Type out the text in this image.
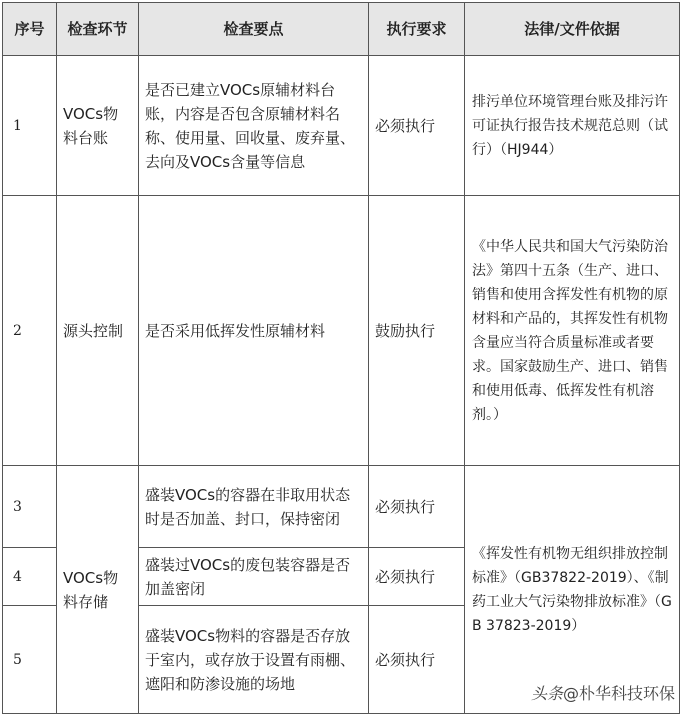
序号	检查环节	检查要点	执行要求	法律/文件依据
1	VOCs物料台账	是否已建立VOCs原辅材料台账，内容是否包含原辅材料名称、使用量、回收量、废弃量、去向及VOCs含量等信息	必须执行	排污单位环境管理台账及排污许可证执行报告技术规范总则（试行）（HJ944）
2	源头控制	是否采用低挥发性原辅材料	鼓励执行	《中华人民共和国大气污染防治法》第四十五条（生产、进口、销售和使用含挥发性有机物的原材料和产品的，其挥发性有机物含量应当符合质量标准或者要求。国家鼓励生产、进口、销售和使用低毒、低挥发性有机溶剂。）
3	VOCs物料存储	盛装VOCs的容器在非取用状态时是否加盖、封口，保持密闭	必须执行	《挥发性有机物无组织排放控制标准》（GB37822-2019）、《制药工业大气污染物排放标准》（GB 37823-2019）
4		盛装过VOCs的废包装容器是否加盖密闭	必须执行	
5		盛装VOCs物料的容器是否存放于室内，或存放于设置有雨棚、遮阳和防渗设施的场地	必须执行	
头条@朴华科技环保
